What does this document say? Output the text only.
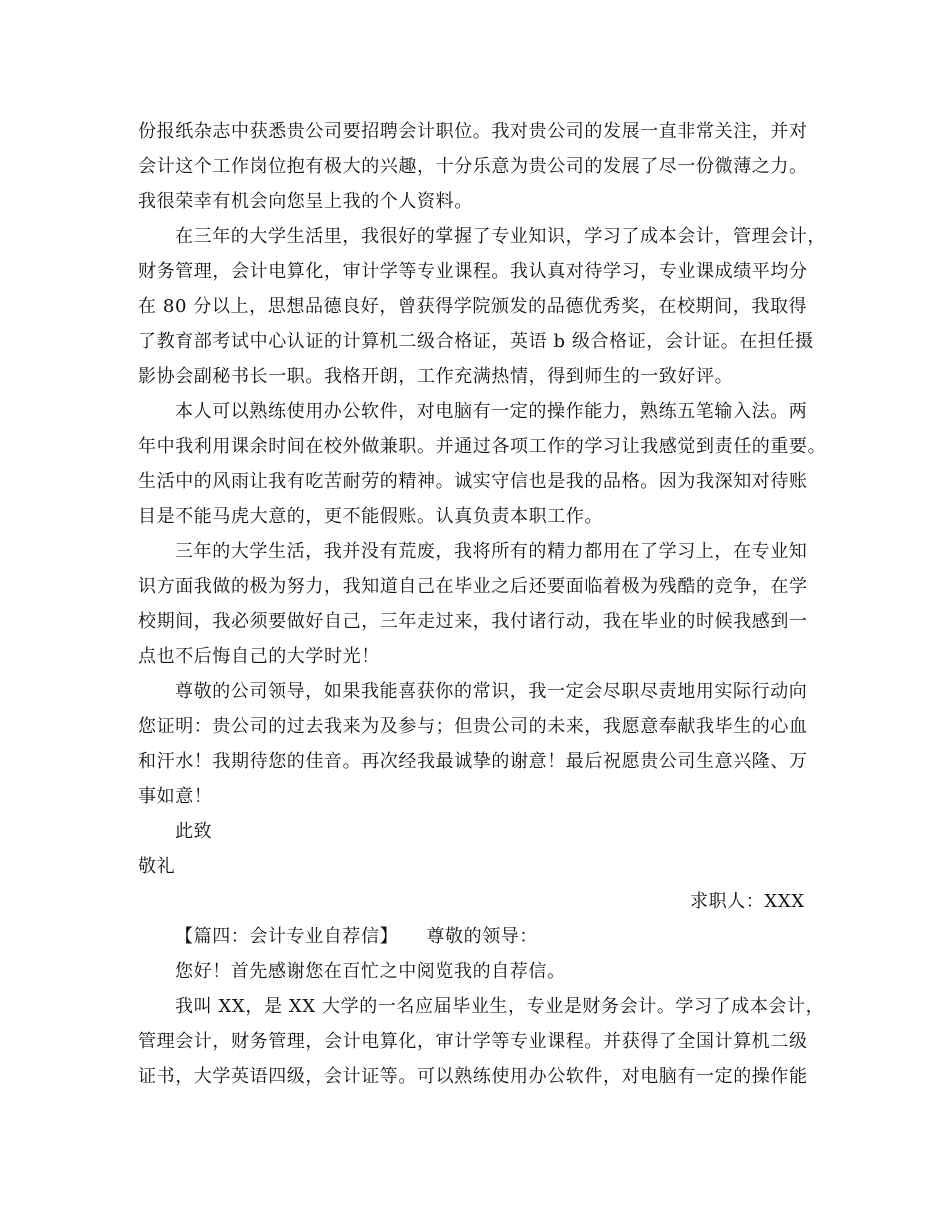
份报纸杂志中获悉贵公司要招聘会计职位。我对贵公司的发展一直非常关注，并对
会计这个工作岗位抱有极大的兴趣，十分乐意为贵公司的发展了尽一份微薄之力。
我很荣幸有机会向您呈上我的个人资料。
在三年的大学生活里，我很好的掌握了专业知识，学习了成本会计，管理会计，
财务管理，会计电算化，审计学等专业课程。我认真对待学习，专业课成绩平均分
在 80 分以上，思想品德良好，曾获得学院颁发的品德优秀奖，在校期间，我取得
了教育部考试中心认证的计算机二级合格证，英语 b 级合格证，会计证。在担任摄
影协会副秘书长一职。我格开朗，工作充满热情，得到师生的一致好评。
本人可以熟练使用办公软件，对电脑有一定的操作能力，熟练五笔输入法。两
年中我利用课余时间在校外做兼职。并通过各项工作的学习让我感觉到责任的重要。
生活中的风雨让我有吃苦耐劳的精神。诚实守信也是我的品格。因为我深知对待账
目是不能马虎大意的，更不能假账。认真负责本职工作。
三年的大学生活，我并没有荒废，我将所有的精力都用在了学习上，在专业知
识方面我做的极为努力，我知道自己在毕业之后还要面临着极为残酷的竞争，在学
校期间，我必须要做好自己，三年走过来，我付诸行动，我在毕业的时候我感到一
点也不后悔自己的大学时光！
尊敬的公司领导，如果我能喜获你的常识，我一定会尽职尽责地用实际行动向
您证明：贵公司的过去我来为及参与；但贵公司的未来，我愿意奉献我毕生的心血
和汗水！我期待您的佳音。再次经我最诚挚的谢意！最后祝愿贵公司生意兴隆、万
事如意！
此致
敬礼
求职人：XXX
【篇四：会计专业自荐信】　　尊敬的领导：
您好！首先感谢您在百忙之中阅览我的自荐信。
我叫 XX，是 XX 大学的一名应届毕业生，专业是财务会计。学习了成本会计，
管理会计，财务管理，会计电算化，审计学等专业课程。并获得了全国计算机二级
证书，大学英语四级，会计证等。可以熟练使用办公软件，对电脑有一定的操作能
